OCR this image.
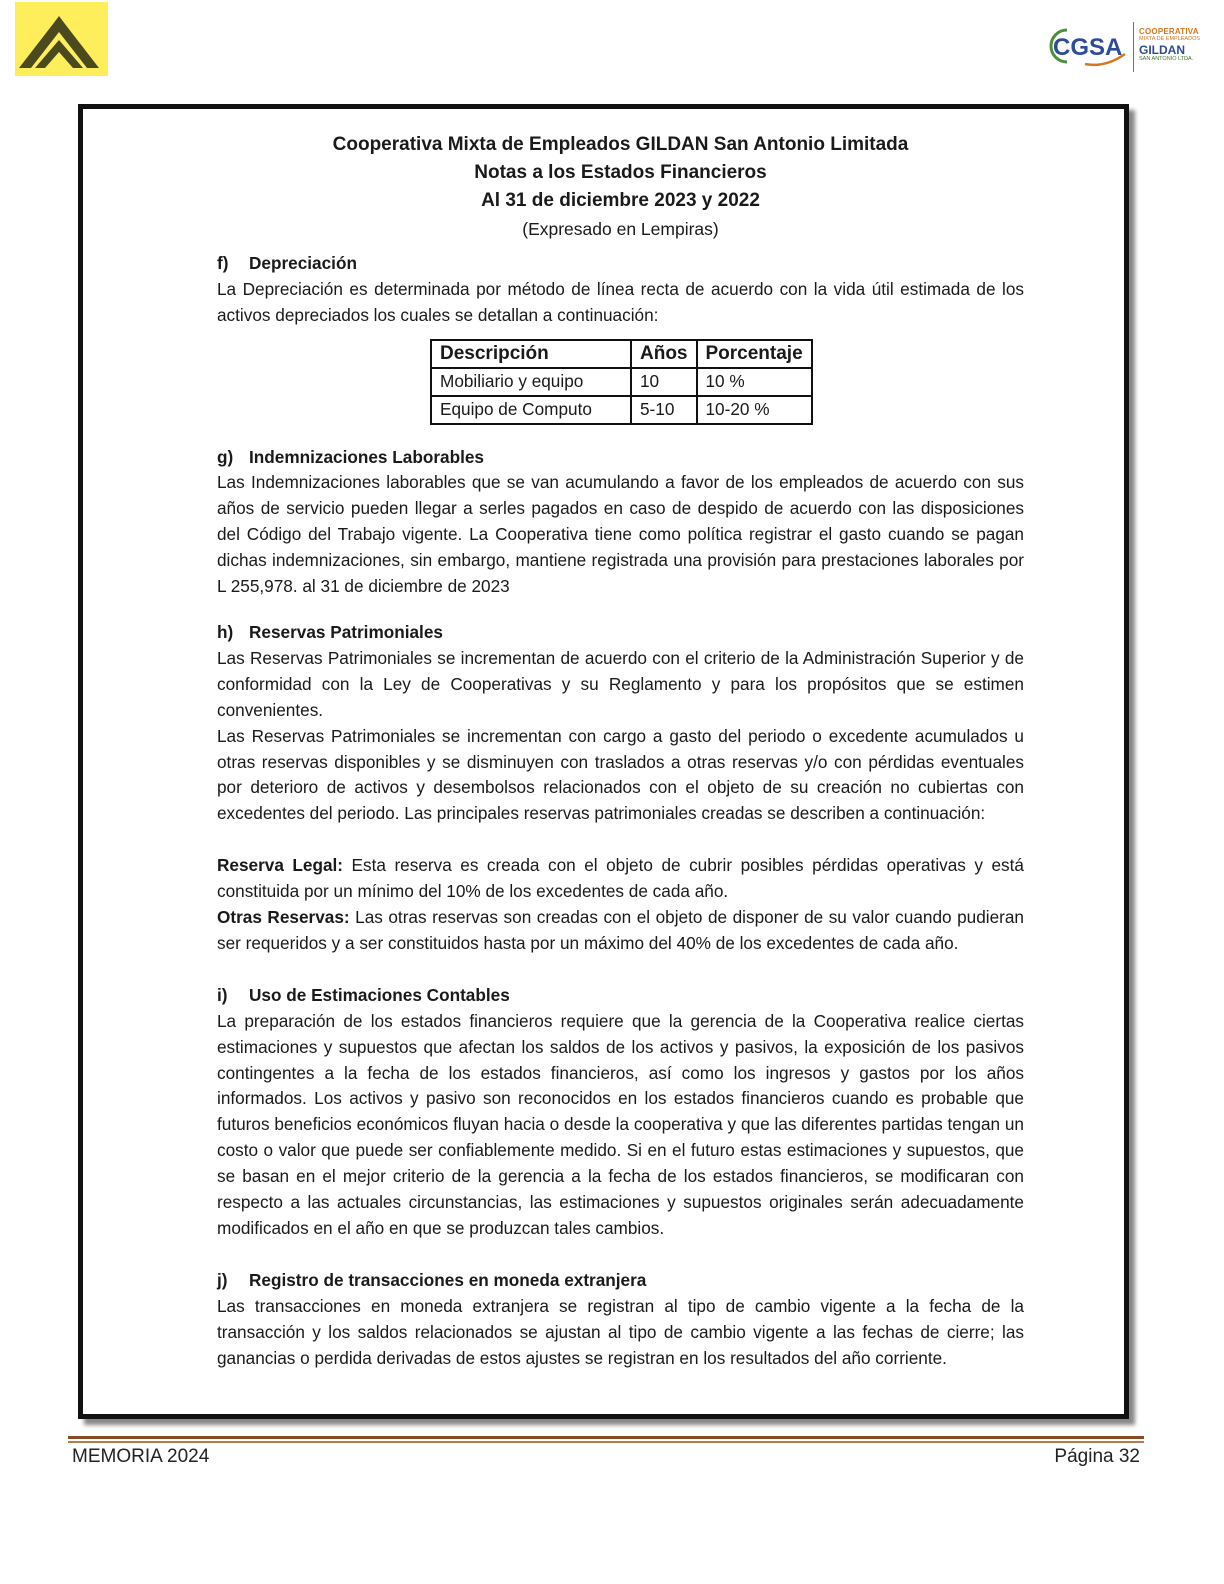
CGSA
COOPERATIVA
MIXTA DE EMPLEADOS
GILDAN
SAN ANTONIO LTDA.
Cooperativa Mixta de Empleados GILDAN San Antonio Limitada
Notas a los Estados Financieros
Al 31 de diciembre 2023 y 2022
(Expresado en Lempiras)
f) Depreciación

La Depreciación es determinada por método de línea recta de acuerdo con la vida útil estimada de los activos depreciados los cuales se detallan a continuación:

Descripción	Años	Porcentaje
Mobiliario y equipo	10	10 %
Equipo de Computo	5-10	10-20 %
g) Indemnizaciones Laborables

Las Indemnizaciones laborables que se van acumulando a favor de los empleados de acuerdo con sus años de servicio pueden llegar a serles pagados en caso de despido de acuerdo con las disposiciones del Código del Trabajo vigente. La Cooperativa tiene como política registrar el gasto cuando se pagan dichas indemnizaciones, sin embargo, mantiene registrada una provisión para prestaciones laborales por L 255,978. al 31 de diciembre de 2023

h) Reservas Patrimoniales

Las Reservas Patrimoniales se incrementan de acuerdo con el criterio de la Administración Superior y de conformidad con la Ley de Cooperativas y su Reglamento y para los propósitos que se estimen convenientes.

Las Reservas Patrimoniales se incrementan con cargo a gasto del periodo o excedente acumulados u otras reservas disponibles y se disminuyen con traslados a otras reservas y/o con pérdidas eventuales por deterioro de activos y desembolsos relacionados con el objeto de su creación no cubiertas con excedentes del periodo. Las principales reservas patrimoniales creadas se describen a continuación:

Reserva Legal: Esta reserva es creada con el objeto de cubrir posibles pérdidas operativas y está constituida por un mínimo del 10% de los excedentes de cada año.

Otras Reservas: Las otras reservas son creadas con el objeto de disponer de su valor cuando pudieran ser requeridos y a ser constituidos hasta por un máximo del 40% de los excedentes de cada año.

i) Uso de Estimaciones Contables

La preparación de los estados financieros requiere que la gerencia de la Cooperativa realice ciertas estimaciones y supuestos que afectan los saldos de los activos y pasivos, la exposición de los pasivos contingentes a la fecha de los estados financieros, así como los ingresos y gastos por los años informados. Los activos y pasivo son reconocidos en los estados financieros cuando es probable que futuros beneficios económicos fluyan hacia o desde la cooperativa y que las diferentes partidas tengan un costo o valor que puede ser confiablemente medido. Si en el futuro estas estimaciones y supuestos, que se basan en el mejor criterio de la gerencia a la fecha de los estados financieros, se modificaran con respecto a las actuales circunstancias, las estimaciones y supuestos originales serán adecuadamente modificados en el año en que se produzcan tales cambios.

j) Registro de transacciones en moneda extranjera

Las transacciones en moneda extranjera se registran al tipo de cambio vigente a la fecha de la transacción y los saldos relacionados se ajustan al tipo de cambio vigente a las fechas de cierre; las ganancias o perdida derivadas de estos ajustes se registran en los resultados del año corriente.

MEMORIA 2024	Página 32
